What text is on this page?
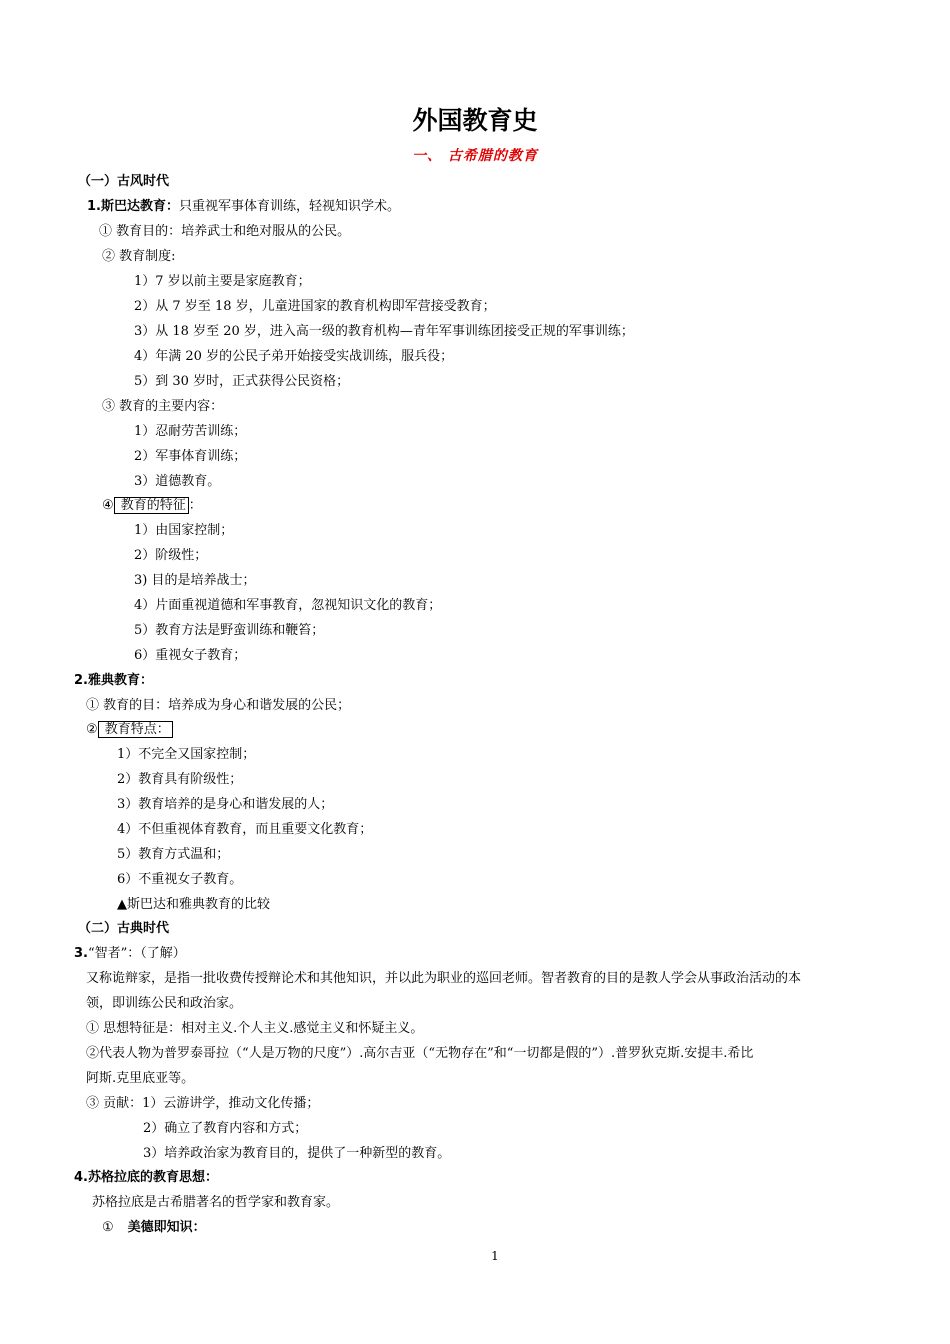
外国教育史
一、 古希腊的教育
（一）古风时代
1.斯巴达教育：只重视军事体育训练，轻视知识学术。
① 教育目的：培养武士和绝对服从的公民。
② 教育制度:
1）7 岁以前主要是家庭教育；
2）从 7 岁至 18 岁，儿童进国家的教育机构即军营接受教育；
3）从 18 岁至 20 岁，进入高一级的教育机构—青年军事训练团接受正规的军事训练；
4）年满 20 岁的公民子弟开始接受实战训练，服兵役；
5）到 30 岁时，正式获得公民资格；
③ 教育的主要内容：
1）忍耐劳苦训练；
2）军事体育训练；
3）道德教育。
④ 教育的特征 ：
1）由国家控制；
2）阶级性；
3) 目的是培养战士；
4）片面重视道德和军事教育，忽视知识文化的教育；
5）教育方法是野蛮训练和鞭笞；
6）重视女子教育；
2.雅典教育：
① 教育的目：培养成为身心和谐发展的公民；
② 教育特点：
1）不完全又国家控制；
2）教育具有阶级性；
3）教育培养的是身心和谐发展的人；
4）不但重视体育教育，而且重要文化教育；
5）教育方式温和；
6）不重视女子教育。
▲斯巴达和雅典教育的比较
（二）古典时代
3.“智者”：（了解）
又称诡辩家，是指一批收费传授辩论术和其他知识，并以此为职业的巡回老师。智者教育的目的是教人学会从事政治活动的本
领，即训练公民和政治家。
① 思想特征是：相对主义.个人主义.感觉主义和怀疑主义。
②代表人物为普罗泰哥拉（“人是万物的尺度”）.高尔吉亚（“无物存在”和“一切都是假的”）.普罗狄克斯.安提丰.希比
阿斯.克里底亚等。
③ 贡献：1）云游讲学，推动文化传播；
2）确立了教育内容和方式；
3）培养政治家为教育目的，提供了一种新型的教育。
4.苏格拉底的教育思想：
苏格拉底是古希腊著名的哲学家和教育家。
① 美德即知识：
1
